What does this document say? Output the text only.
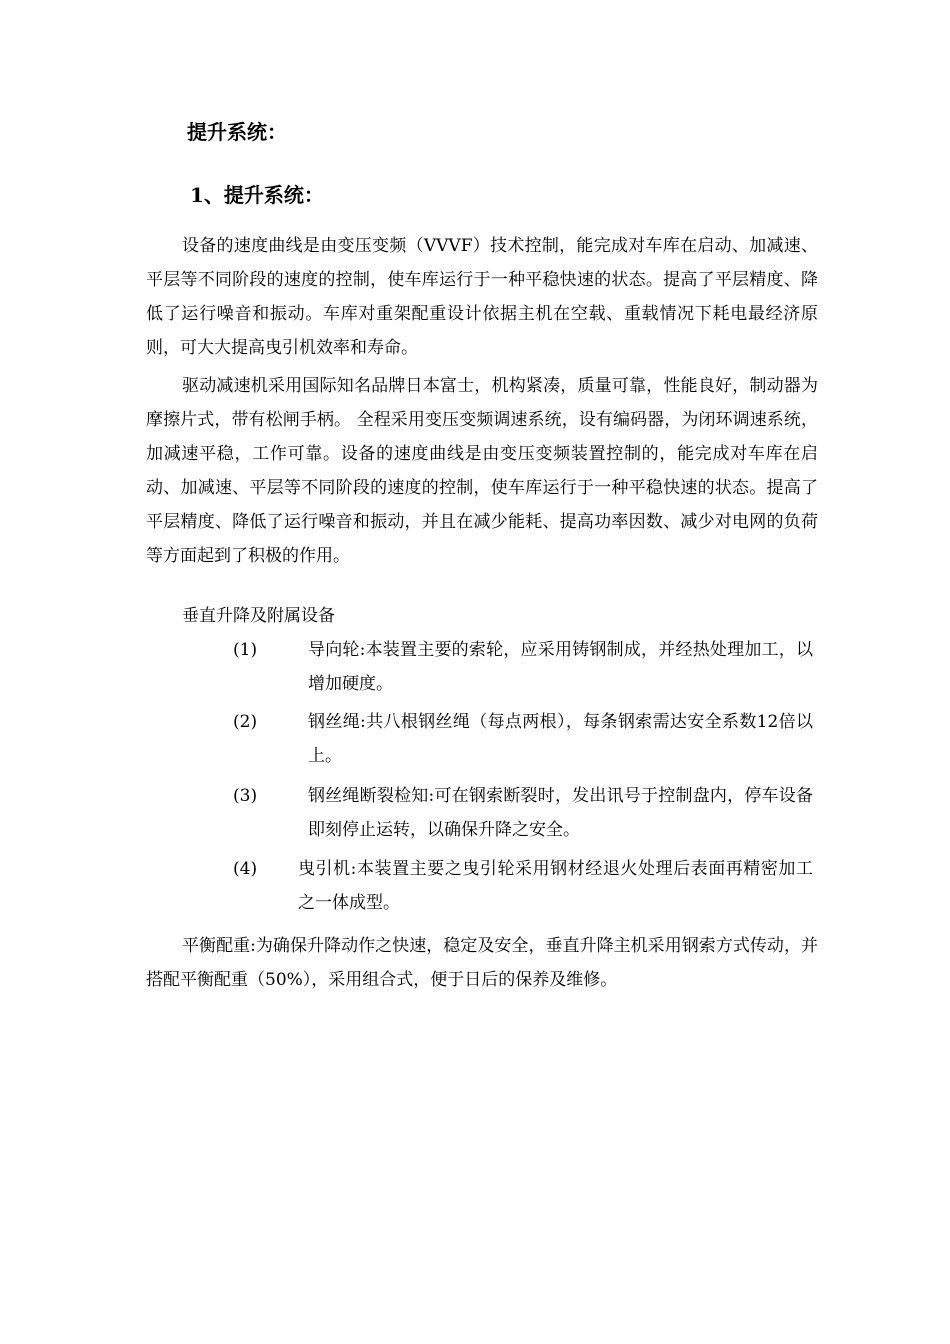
提升系统：
1、提升系统：

设备的速度曲线是由变压变频（VVVF）技术控制，能完成对车库在启动、加减速、平层等不同阶段的速度的控制，使车库运行于一种平稳快速的状态。提高了平层精度、降低了运行噪音和振动。车库对重架配重设计依据主机在空载、重载情况下耗电最经济原则，可大大提高曳引机效率和寿命。

驱动减速机采用国际知名品牌日本富士，机构紧凑，质量可靠，性能良好，制动器为摩擦片式，带有松闸手柄。 全程采用变压变频调速系统，设有编码器，为闭环调速系统，加减速平稳，工作可靠。设备的速度曲线是由变压变频装置控制的，能完成对车库在启动、加减速、平层等不同阶段的速度的控制，使车库运行于一种平稳快速的状态。提高了平层精度、降低了运行噪音和振动，并且在减少能耗、提高功率因数、减少对电网的负荷等方面起到了积极的作用。

垂直升降及附属设备

(1)	导向轮:本装置主要的索轮，应采用铸钢制成，并经热处理加工，以增加硬度。
(2)	钢丝绳:共八根钢丝绳（每点两根），每条钢索需达安全系数12倍以上。
(3)	钢丝绳断裂检知:可在钢索断裂时，发出讯号于控制盘内，停车设备即刻停止运转，以确保升降之安全。
(4)	曳引机:本装置主要之曳引轮采用钢材经退火处理后表面再精密加工之一体成型。

平衡配重:为确保升降动作之快速，稳定及安全，垂直升降主机采用钢索方式传动，并搭配平衡配重（50%），采用组合式，便于日后的保养及维修。
